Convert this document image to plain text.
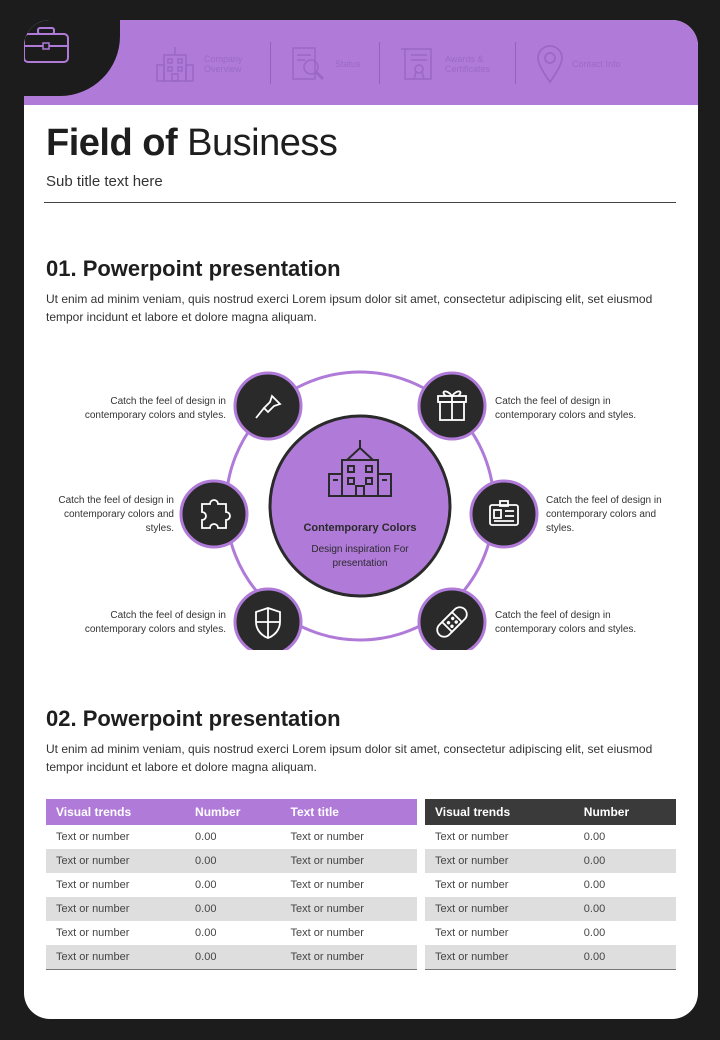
Company Overview	Status	Awards & Certificates	Contact Info
Field of Business
Sub title text here
01. Powerpoint presentation
Ut enim ad minim veniam, quis nostrud exerci Lorem ipsum dolor sit amet, consectetur adipiscing elit, set eiusmod tempor incidunt et labore et dolore magna aliquam.
Contemporary Colors
Design inspiration For presentation
Catch the feel of design in contemporary colors and styles.
Catch the feel of design in contemporary colors and styles.
Catch the feel of design in contemporary colors and styles.
Catch the feel of design in contemporary colors and styles.
Catch the feel of design in contemporary colors and styles.
Catch the feel of design in contemporary colors and styles.
02. Powerpoint presentation
Ut enim ad minim veniam, quis nostrud exerci Lorem ipsum dolor sit amet, consectetur adipiscing elit, set eiusmod tempor incidunt et labore et dolore magna aliquam.
Visual trends	Number	Text title
Text or number	0.00	Text or number
Text or number	0.00	Text or number
Text or number	0.00	Text or number
Text or number	0.00	Text or number
Text or number	0.00	Text or number
Text or number	0.00	Text or number
Visual trends	Number
Text or number	0.00
Text or number	0.00
Text or number	0.00
Text or number	0.00
Text or number	0.00
Text or number	0.00
